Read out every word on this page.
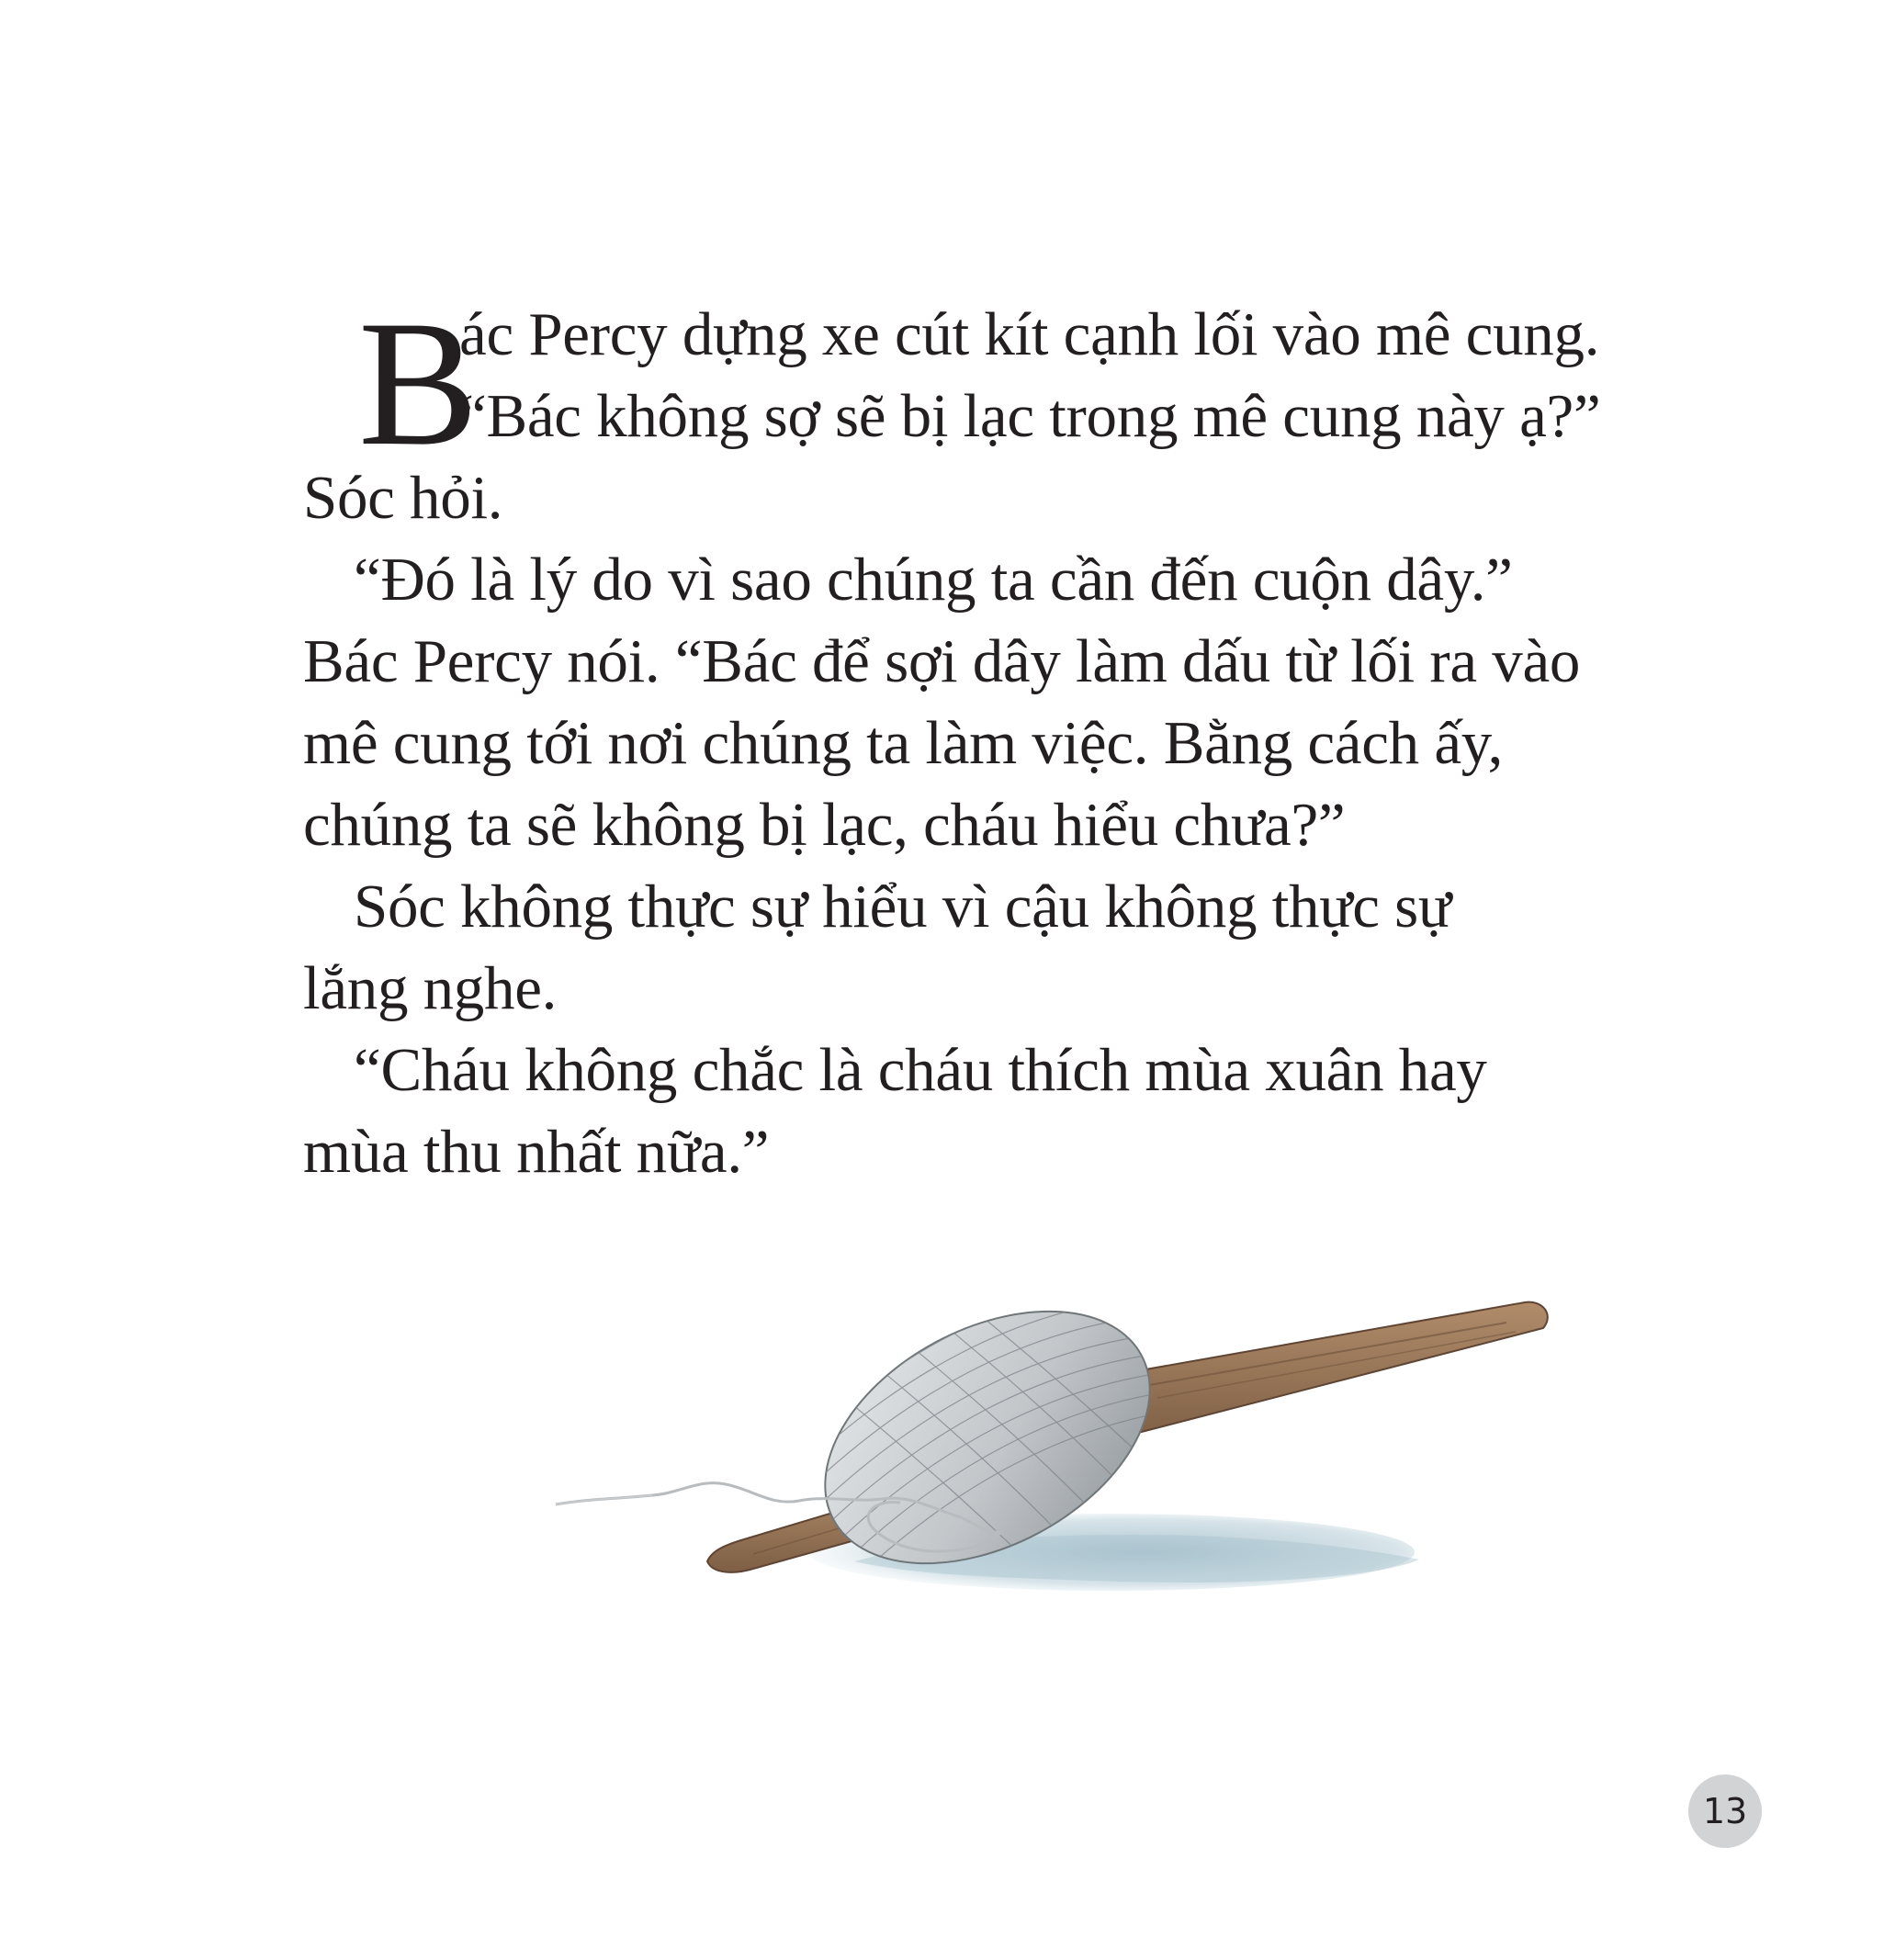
B
ác Percy dựng xe cút kít cạnh lối vào mê cung.
“Bác không sợ sẽ bị lạc trong mê cung này ạ?”
Sóc hỏi.
“Đó là lý do vì sao chúng ta cần đến cuộn dây.”
Bác Percy nói. “Bác để sợi dây làm dấu từ lối ra vào
mê cung tới nơi chúng ta làm việc. Bằng cách ấy,
chúng ta sẽ không bị lạc, cháu hiểu chưa?”
Sóc không thực sự hiểu vì cậu không thực sự
lắng nghe.
“Cháu không chắc là cháu thích mùa xuân hay
mùa thu nhất nữa.”
13
